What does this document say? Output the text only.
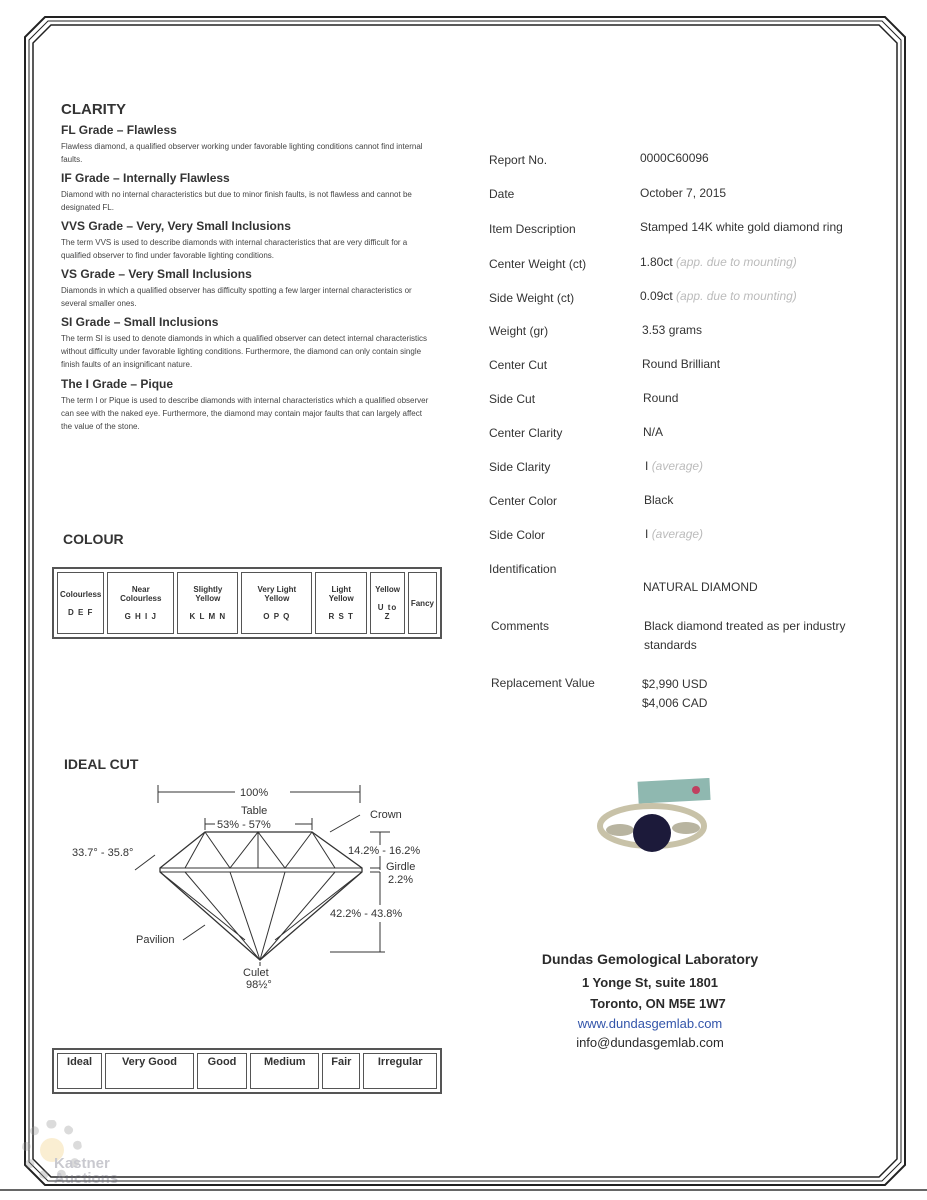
CLARITY
FL Grade – Flawless
Flawless diamond, a qualified observer working under favorable lighting conditions cannot find internal faults.
IF Grade – Internally Flawless
Diamond with no internal characteristics but due to minor finish faults, is not flawless and cannot be designated FL.
VVS Grade – Very, Very Small Inclusions
The term VVS is used to describe diamonds with internal characteristics that are very difficult for a qualified observer to find under favorable lighting conditions.
VS Grade – Very Small Inclusions
Diamonds in which a qualified observer has difficulty spotting a few larger internal characteristics or several smaller ones.
SI Grade – Small Inclusions
The term SI is used to denote diamonds in which a qualified observer can detect internal characteristics without difficulty under favorable lighting conditions. Furthermore, the diamond can only contain single finish faults of an insignificant nature.
The I Grade – Pique
The term I or Pique is used to describe diamonds with internal characteristics which a qualified observer can see with the naked eye. Furthermore, the diamond may contain major faults that can largely affect the value of the stone.
COLOUR
Colourless
D E F
	Near Colourless
G H I J
	Slightly Yellow
K L M N
	Very Light Yellow
O P Q
	Light Yellow
R S T
	Yellow
U to Z
	Fancy
IDEAL CUT
100%
Table
53% - 57%
Crown
33.7° - 35.8°	14.2% - 16.2%
Girdle
2.2%
42.2% - 43.8%
Pavilion
Culet
98½°
Ideal	Very Good	Good	Medium	Fair	Irregular
Report No.	0000C60096
Date	October 7, 2015
Item Description	Stamped 14K white gold diamond ring
Center Weight (ct)	1.80ct (app. due to mounting)
Side Weight (ct)	0.09ct (app. due to mounting)
Weight (gr)	3.53 grams
Center Cut	Round Brilliant
Side Cut	Round
Center Clarity	N/A
Side Clarity	I (average)
Center Color	Black
Side Color	I (average)
Identification
NATURAL DIAMOND
Comments	Black diamond treated as per industry standards
Replacement Value	$2,990 USD
$4,006 CAD
Dundas Gemological Laboratory
1 Yonge St, suite 1801
Toronto, ON M5E 1W7
www.dundasgemlab.com
info@dundasgemlab.com
Kastner Auctions
